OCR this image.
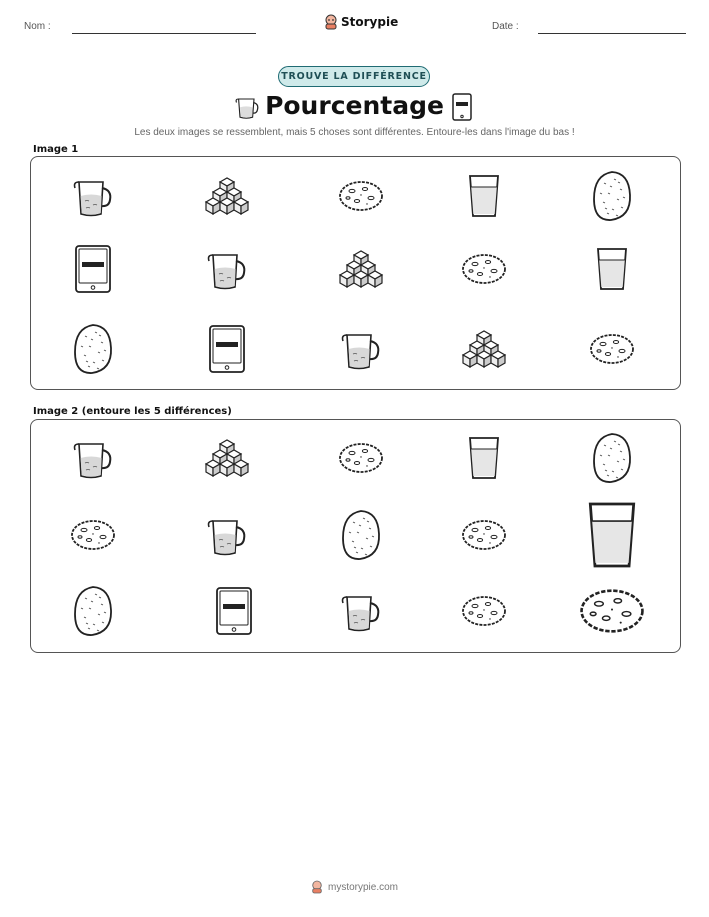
Nom :	Storypie	Date :
TROUVE LA DIFFÉRENCE
Pourcentage
Les deux images se ressemblent, mais 5 choses sont différentes. Entoure-les dans l'image du bas !
Image 1
Image 2 (entoure les 5 différences)
mystorypie.com
